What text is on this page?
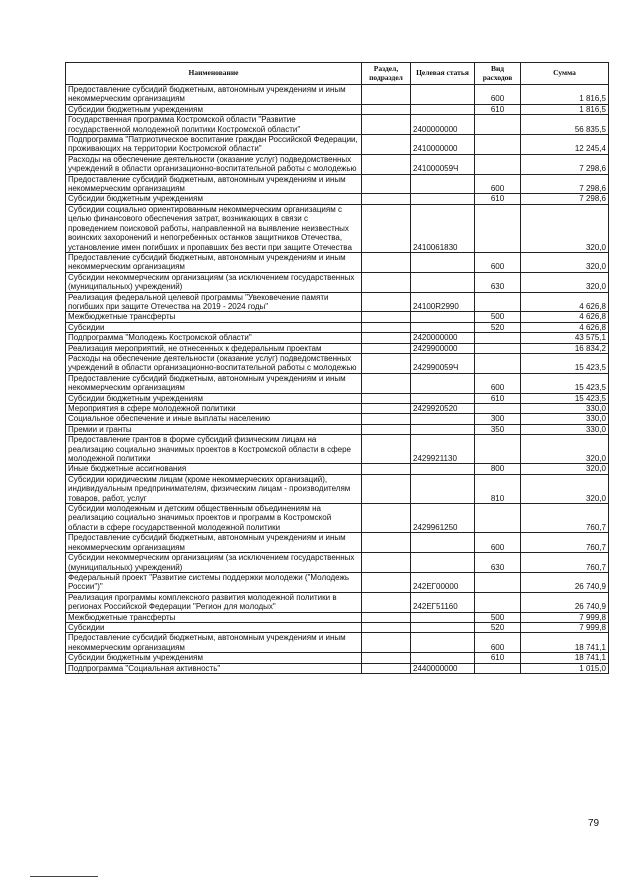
Наименование	Раздел, подраздел	Целевая статья	Вид расходов	Сумма
Предоставление субсидий бюджетным, автономным учреждениям и иным некоммерческим организациям			600	1 816,5
Субсидии бюджетным учреждениям			610	1 816,5
Государственная программа Костромской области "Развитие государственной молодежной политики Костромской области"		2400000000		56 835,5
Подпрограмма "Патриотическое воспитание граждан Российской Федерации, проживающих на территории Костромской области"		2410000000		12 245,4
Расходы на обеспечение деятельности (оказание услуг) подведомственных учреждений в области организационно-воспитательной работы с молодежью		241000059Ч		7 298,6
Предоставление субсидий бюджетным, автономным учреждениям и иным некоммерческим организациям			600	7 298,6
Субсидии бюджетным учреждениям			610	7 298,6
Субсидии социально ориентированным некоммерческим организациям с целью финансового обеспечения затрат, возникающих в связи с проведением поисковой работы, направленной на выявление неизвестных воинских захоронений и непогребенных останков защитников Отечества, установление имен погибших и пропавших без вести при защите Отечества		2410061830		320,0
Предоставление субсидий бюджетным, автономным учреждениям и иным некоммерческим организациям			600	320,0
Субсидии некоммерческим организациям (за исключением государственных (муниципальных) учреждений)			630	320,0
Реализация федеральной целевой программы "Увековечение памяти погибших при защите Отечества на 2019 - 2024 годы"		24100R2990		4 626,8
Межбюджетные трансферты			500	4 626,8
Субсидии			520	4 626,8
Подпрограмма "Молодежь Костромской области"		2420000000		43 575,1
Реализация мероприятий, не отнесенных к федеральным проектам		2429900000		16 834,2
Расходы на обеспечение деятельности (оказание услуг) подведомственных учреждений в области организационно-воспитательной работы с молодежью		242990059Ч		15 423,5
Предоставление субсидий бюджетным, автономным учреждениям и иным некоммерческим организациям			600	15 423,5
Субсидии бюджетным учреждениям			610	15 423,5
Мероприятия в сфере молодежной политики		2429920520		330,0
Социальное обеспечение и иные выплаты населению			300	330,0
Премии и гранты			350	330,0
Предоставление грантов в форме субсидий физическим лицам на реализацию социально значимых проектов в Костромской области в сфере молодежной политики		2429921130		320,0
Иные бюджетные ассигнования			800	320,0
Субсидии юридическим лицам (кроме некоммерческих организаций), индивидуальным предпринимателям, физическим лицам - производителям товаров, работ, услуг			810	320,0
Субсидии молодежным и детским общественным объединениям на реализацию социально значимых проектов и программ в Костромской области в сфере государственной молодежной политики		2429961250		760,7
Предоставление субсидий бюджетным, автономным учреждениям и иным некоммерческим организациям			600	760,7
Субсидии некоммерческим организациям (за исключением государственных (муниципальных) учреждений)			630	760,7
Федеральный проект "Развитие системы поддержки молодежи ("Молодежь России")"		242ЕГ00000		26 740,9
Реализация программы комплексного развития молодежной политики в регионах Российской Федерации "Регион для молодых"		242ЕГ51160		26 740,9
Межбюджетные трансферты			500	7 999,8
Субсидии			520	7 999,8
Предоставление субсидий бюджетным, автономным учреждениям и иным некоммерческим организациям			600	18 741,1
Субсидии бюджетным учреждениям			610	18 741,1
Подпрограмма "Социальная активность"		2440000000		1 015,0
79
